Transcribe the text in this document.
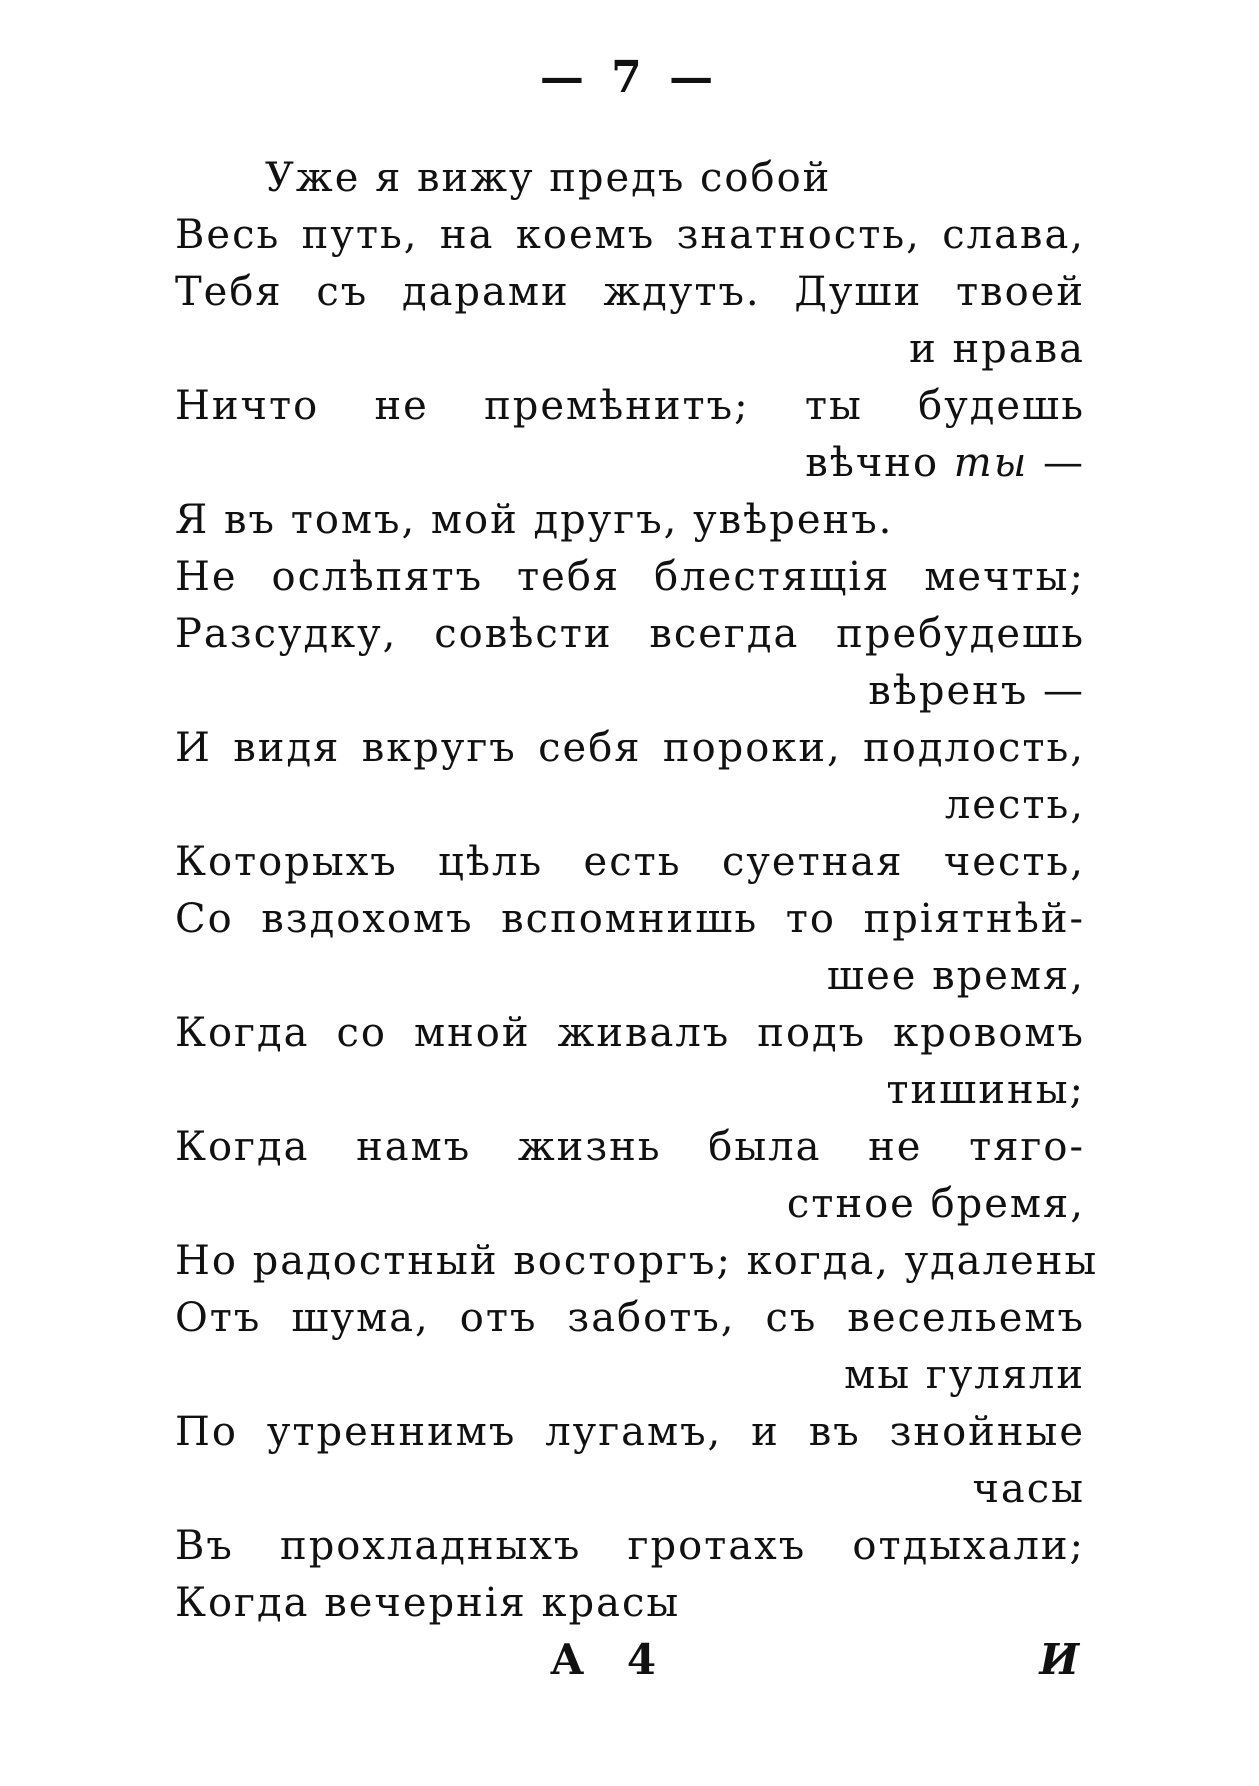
— 7 —
Уже я вижу предъ собой
Весь путь, на коемъ знатность, слава,
Тебя съ дарами ждутъ. Души твоей
и нрава
Ничто не премѣнитъ; ты будешь
вѣчно ты —
Я въ томъ, мой другъ, увѣренъ.
Не ослѣпятъ тебя блестящія мечты;
Разсудку, совѣсти всегда пребудешь
вѣренъ —
И видя вкругъ себя пороки, подлость,
лесть,
Которыхъ цѣль есть суетная честь,
Со вздохомъ вспомнишь то пріятнѣй-
шее время,
Когда со мной живалъ подъ кровомъ
тишины;
Когда намъ жизнь была не тяго-
стное бремя,
Но радостный восторгъ; когда, удалены
Отъ шума, отъ заботъ, съ весельемъ
мы гуляли
По утреннимъ лугамъ, и въ знойные
часы
Въ прохладныхъ гротахъ отдыхали;
Когда вечернія красы
А 4	И
